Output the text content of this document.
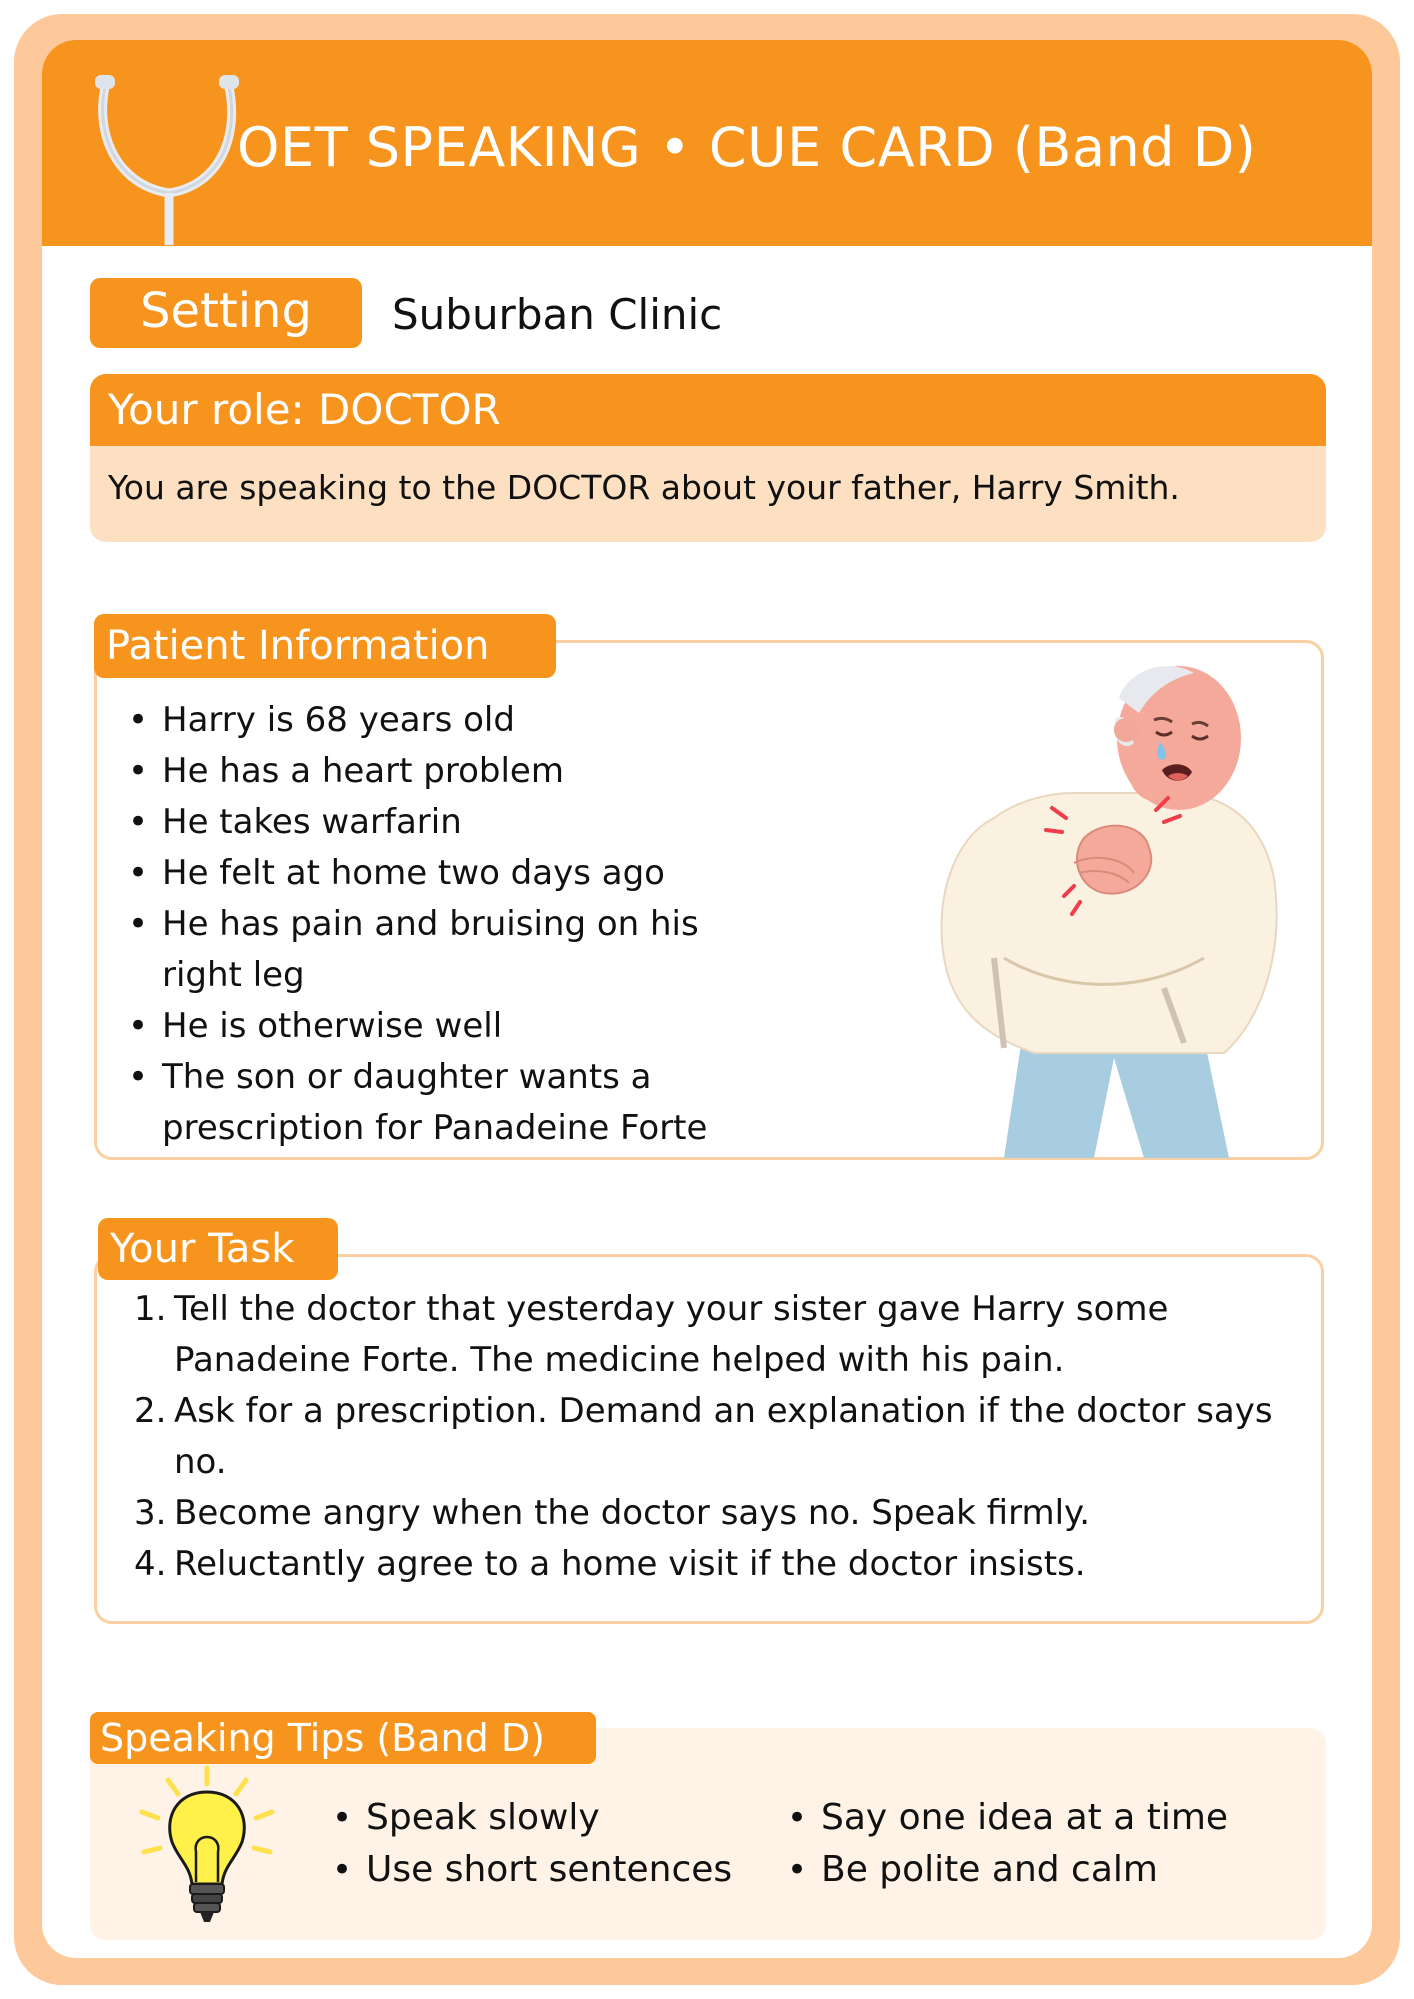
OET SPEAKING • CUE CARD (Band D)
Setting	Suburban Clinic
Your role: DOCTOR
You are speaking to the DOCTOR about your father, Harry Smith.
Patient Information
• Harry is 68 years old
• He has a heart problem
• He takes warfarin
• He felt at home two days ago
• He has pain and bruising on his right leg
• He is otherwise well
• The son or daughter wants a prescription for Panadeine Forte
Your Task
Tell the doctor that yesterday your sister gave Harry some Panadeine Forte. The medicine helped with his pain.
Ask for a prescription. Demand an explanation if the doctor says no.
Become angry when the doctor says no. Speak firmly.
Reluctantly agree to a home visit if the doctor insists.
Speaking Tips (Band D)
• Speak slowly
• Use short sentences
• Say one idea at a time
• Be polite and calm
